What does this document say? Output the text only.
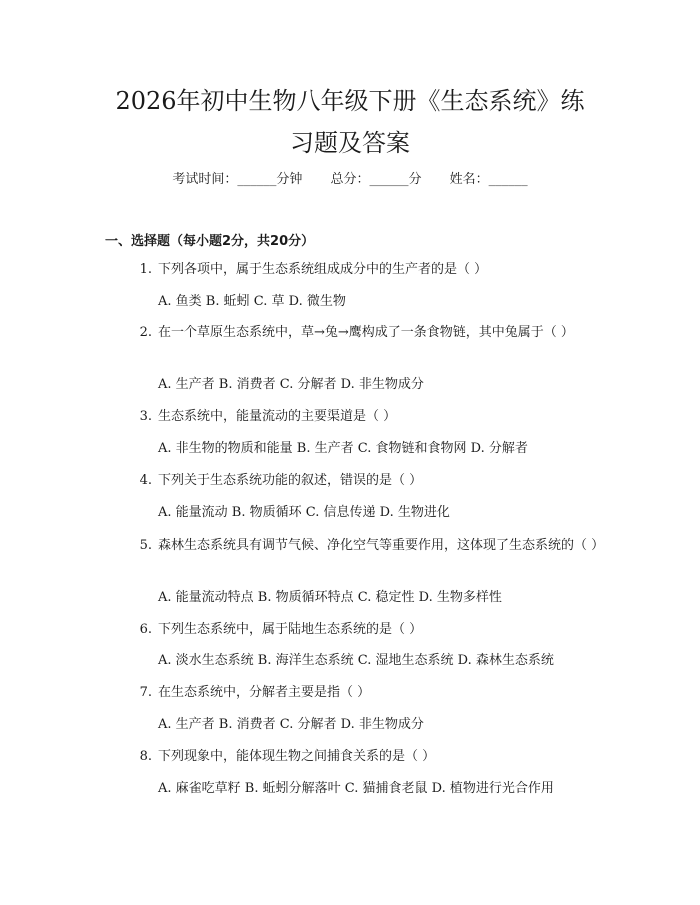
2026年初中生物八年级下册《生态系统》练
习题及答案
考试时间：______分钟 总分：______分 姓名：______
一、选择题（每小题2分，共20分）
1. 下列各项中，属于生态系统组成成分中的生产者的是（ ）
A. 鱼类 B. 蚯蚓 C. 草 D. 微生物
2. 在一个草原生态系统中，草→兔→鹰构成了一条食物链，其中兔属于（ ）
A. 生产者 B. 消费者 C. 分解者 D. 非生物成分
3. 生态系统中，能量流动的主要渠道是（ ）
A. 非生物的物质和能量 B. 生产者 C. 食物链和食物网 D. 分解者
4. 下列关于生态系统功能的叙述，错误的是（ ）
A. 能量流动 B. 物质循环 C. 信息传递 D. 生物进化
5. 森林生态系统具有调节气候、净化空气等重要作用，这体现了生态系统的（ ）
A. 能量流动特点 B. 物质循环特点 C. 稳定性 D. 生物多样性
6. 下列生态系统中，属于陆地生态系统的是（ ）
A. 淡水生态系统 B. 海洋生态系统 C. 湿地生态系统 D. 森林生态系统
7. 在生态系统中，分解者主要是指（ ）
A. 生产者 B. 消费者 C. 分解者 D. 非生物成分
8. 下列现象中，能体现生物之间捕食关系的是（ ）
A. 麻雀吃草籽 B. 蚯蚓分解落叶 C. 猫捕食老鼠 D. 植物进行光合作用
